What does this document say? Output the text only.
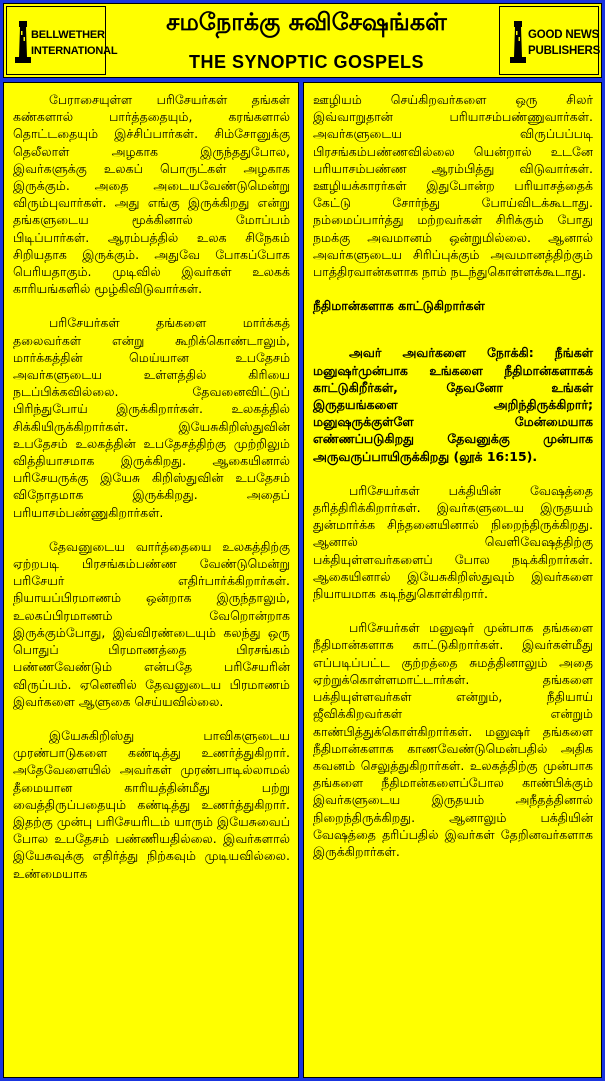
BELLWETHER
INTERNATIONAL
சமநோக்கு சுவிசேஷங்கள்
THE SYNOPTIC GOSPELS
GOOD NEWS
PUBLISHERS

பேராசையுள்ள பரிசேயர்கள் தங்கள் கண்களால் பார்த்ததையும், கரங்களால் தொட்டதையும் இச்சிப்பார்கள். சிம்சோனுக்கு தெலீலாள் அழகாக இருந்ததுபோல, இவர்களுக்கு உலகப் பொருட்கள் அழகாக இருக்கும். அதை அடையவேண்டுமென்று விரும்புவார்கள். அது எங்கு இருக்கிறது என்று தங்களுடைய மூக்கினால் மோப்பம் பிடிப்பார்கள். ஆரம்பத்தில் உலக சிநேகம் சிறியதாக இருக்கும். அதுவே போகப்போக பெரியதாகும். முடிவில் இவர்கள் உலகக் காரியங்களில் மூழ்கிவிடுவார்கள்.

பரிசேயர்கள் தங்களை மார்க்கத் தலைவர்கள் என்று கூறிக்கொண்டாலும், மார்க்கத்தின் மெய்யான உபதேசம் அவர்களுடைய உள்ளத்தில் கிரியை நடப்பிக்கவில்லை. தேவனைவிட்டுப் பிரிந்துபோய் இருக்கிறார்கள். உலகத்தில் சிக்கியிருக்கிறார்கள். இயேசுகிறிஸ்துவின் உபதேசம் உலகத்தின் உபதேசத்திற்கு முற்றிலும் வித்தியாசமாக இருக்கிறது. ஆகையினால் பரிசேயருக்கு இயேசு கிறிஸ்துவின் உபதேசம் விநோதமாக இருக்கிறது. அதைப் பரியாசம்பண்ணுகிறார்கள்.

தேவனுடைய வார்த்தையை உலகத்திற்கு ஏற்றபடி பிரசங்கம்பண்ண வேண்டுமென்று பரிசேயர் எதிர்பார்க்கிறார்கள். நியாயப்பிரமாணம் ஒன்றாக இருந்தாலும், உலகப்பிரமாணம் வேறொன்றாக இருக்கும்போது, இவ்விரண்டையும் கலந்து ஒரு பொதுப் பிரமாணத்தை பிரசங்கம் பண்ணவேண்டும் என்பதே பரிசேயரின் விருப்பம். ஏனெனில் தேவனுடைய பிரமாணம் இவர்களை ஆளுகை செய்யவில்லை.

இயேசுகிறிஸ்து பாவிகளுடைய முரண்பாடுகளை கண்டித்து உணர்த்துகிறார். அதேவேளையில் அவர்கள் முரண்பாடில்லாமல் தீமையான காரியத்தின்மீது பற்று வைத்திருப்பதையும் கண்டித்து உணர்த்துகிறார். இதற்கு முன்பு பரிசேயரிடம் யாரும் இயேசுவைப் போல உபதேசம் பண்ணியதில்லை. இவர்களால் இயேசுவுக்கு எதிர்த்து நிற்கவும் முடியவில்லை. உண்மையாக

ஊழியம் செய்கிறவர்களை ஒரு சிலர் இவ்வாறுதான் பரியாசம்பண்ணுவார்கள். அவர்களுடைய விருப்பப்படி பிரசங்கம்பண்ணவில்லை யென்றால் உடனே பரியாசம்பண்ண ஆரம்பித்து விடுவார்கள். ஊழியக்காரர்கள் இதுபோன்ற பரியாசத்தைக் கேட்டு சோர்ந்து போய்விடக்கூடாது. நம்மைப்பார்த்து மற்றவர்கள் சிரிக்கும் போது நமக்கு அவமானம் ஒன்றுமில்லை. ஆனால் அவர்களுடைய சிரிப்புக்கும் அவமானத்திற்கும் பாத்திரவான்களாக நாம் நடந்துகொள்ளக்கூடாது.

நீதிமான்களாக காட்டுகிறார்கள்

அவர் அவர்களை நோக்கி: நீங்கள் மனுஷர்முன்பாக உங்களை நீதிமான்களாகக் காட்டுகிறீர்கள், தேவனோ உங்கள் இருதயங்களை அறிந்திருக்கிறார்; மனுஷருக்குள்ளே மேன்மையாக எண்ணப்படுகிறது தேவனுக்கு முன்பாக அருவருப்பாயிருக்கிறது (லூக் 16:15).

பரிசேயர்கள் பக்தியின் வேஷத்தை தரித்திரிக்கிறார்கள். இவர்களுடைய இருதயம் துன்மார்க்க சிந்தனையினால் நிறைந்திருக்கிறது. ஆனால் வெளிவேஷத்திற்கு பக்தியுள்ளவர்களைப் போல நடிக்கிறார்கள். ஆகையினால் இயேசுகிறிஸ்துவும் இவர்களை நியாயமாக கடிந்துகொள்கிறார்.

பரிசேயர்கள் மனுஷர் முன்பாக தங்களை நீதிமான்களாக காட்டுகிறார்கள். இவர்கள்மீது எப்படிப்பட்ட குற்றத்தை சுமத்தினாலும் அதை ஏற்றுக்கொள்ளமாட்டார்கள். தங்களை பக்தியுள்ளவர்கள் என்றும், நீதியாய் ஜீவிக்கிறவர்கள் என்றும் காண்பித்துக்கொள்கிறார்கள். மனுஷர் தங்களை நீதிமான்களாக காணவேண்டுமென்பதில் அதிக கவனம் செலுத்துகிறார்கள். உலகத்திற்கு முன்பாக தங்களை நீதிமான்களைப்போல காண்பிக்கும் இவர்களுடைய இருதயம் அநீதத்தினால் நிறைந்திருக்கிறது. ஆனாலும் பக்தியின் வேஷத்தை தரிப்பதில் இவர்கள் தேறினவர்களாக இருக்கிறார்கள்.
